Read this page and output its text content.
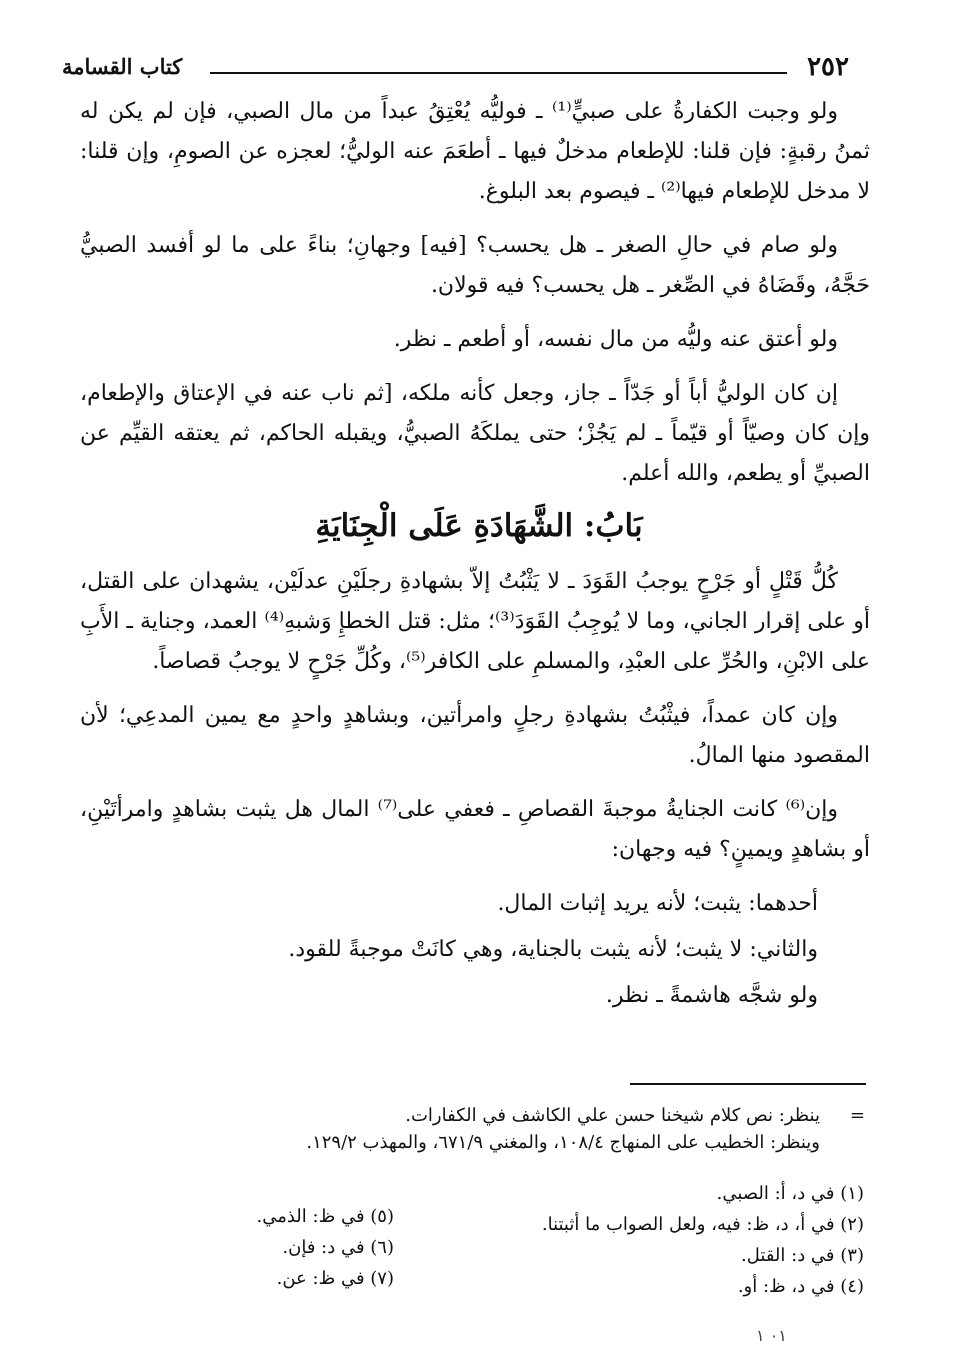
٢٥٢
كتاب القسامة

ولو وجبت الكفارةُ على صبيٍّ⁽¹⁾ ـ فوليُّه يُعْتِقُ عبداً من مال الصبي، فإن لم يكن له ثمنُ رقبةٍ: فإن قلنا: للإطعام مدخلٌ فيها ـ أطعَمَ عنه الوليُّ؛ لعجزه عن الصومِ، وإن قلنا: لا مدخل للإطعام فيها⁽²⁾ ـ فيصوم بعد البلوغ.

ولو صام في حالِ الصغر ـ هل يحسب؟ [فيه] وجهانِ؛ بناءً على ما لو أفسد الصبيُّ حَجَّهُ، وقَضَاهُ في الصِّغر ـ هل يحسب؟ فيه قولان.

ولو أعتق عنه وليُّه من مال نفسه، أو أطعم ـ نظر.

إن كان الوليُّ أباً أو جَدّاً ـ جاز، وجعل كأنه ملكه، [ثم ناب عنه في الإعتاق والإطعام، وإن كان وصيّاً أو قيّماً ـ لم يَجُزْ؛ حتى يملكَهُ الصبيُّ، ويقبله الحاكم، ثم يعتقه القيِّم عن الصبيِّ أو يطعم، والله أعلم.

بَابُ: الشَّهَادَةِ عَلَى الْجِنَايَةِ

كُلُّ قَتْلٍ أو جَرْحٍ يوجبُ القَوَدَ ـ لا يَثْبُتُ إلاّ بشهادةِ رجلَيْنِ عدلَيْن، يشهدان على القتل، أو على إقرار الجاني، وما لا يُوجِبُ القَوَدَ⁽³⁾؛ مثل: قتل الخطإِ وَشبهِ⁽⁴⁾ العمد، وجناية ـ الأَبِ على الابْنِ، والحُرِّ على العبْدِ، والمسلمِ على الكافر⁽⁵⁾، وكُلِّ جَرْحٍ لا يوجبُ قصاصاً.

وإن كان عمداً، فيثْبُتُ بشهادةِ رجلٍ وامرأتين، وبشاهدٍ واحدٍ مع يمين المدعِي؛ لأن المقصود منها المالُ.

وإن⁽⁶⁾ كانت الجنايةُ موجبةَ القصاصِ ـ فعفي على⁽⁷⁾ المال هل يثبت بشاهدٍ وامرأتَيْنِ، أو بشاهدٍ ويمينٍ؟ فيه وجهان:

أحدهما: يثبت؛ لأنه يريد إثبات المال.

والثاني: لا يثبت؛ لأنه يثبت بالجناية، وهي كانَتْ موجبةً للقود.

ولو شجَّه هاشمةً ـ نظر.

=
ينظر: نص كلام شيخنا حسن علي الكاشف في الكفارات.
وينظر: الخطيب على المنهاج ١٠٨/٤، والمغني ٦٧١/٩، والمهذب ١٢٩/٢.
(١) في د، أ: الصبي.
(٢) في أ، د، ظ: فيه، ولعل الصواب ما أثبتنا.
(٣) في د: القتل.
(٤) في د، ظ: أو.
(٥) في ظ: الذمي.
(٦) في د: فإن.
(٧) في ظ: عن.
٠١ ١
